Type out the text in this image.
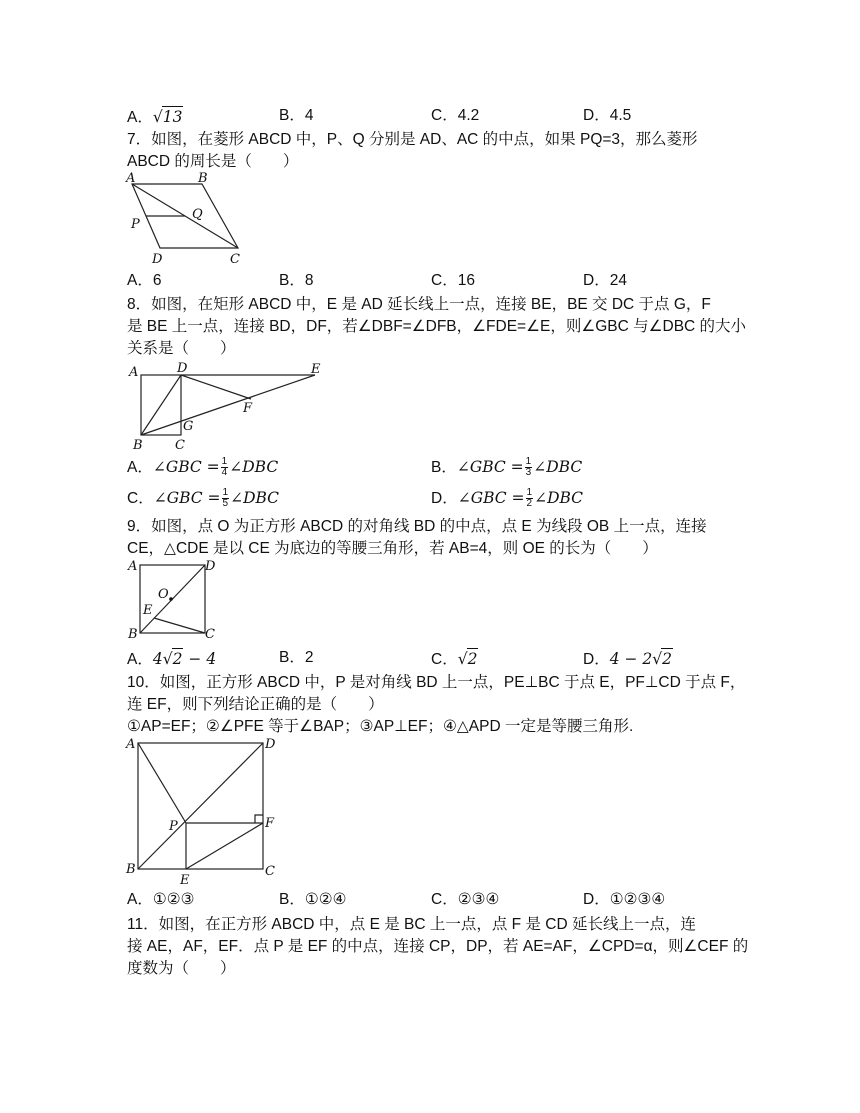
A．√13	B．4	C．4.2	D．4.5
7．如图，在菱形 ABCD 中，P、Q 分别是 AD、AC 的中点，如果 PQ=3，那么菱形
ABCD 的周长是（　　）
A	B
C
D
P
Q
A．6	B．8	C．16	D．24
8．如图，在矩形 ABCD 中，E 是 AD 延长线上一点，连接 BE，BE 交 DC 于点 G，F
是 BE 上一点，连接 BD，DF，若∠DBF=∠DFB，∠FDE=∠E，则∠GBC 与∠DBC 的大小
关系是（　　）
A	D	E
F
G
B C
A．∠GBC = $\frac{1}{4}$ ∠DBC	B．∠GBC = $\frac{1}{3}$ ∠DBC
C．∠GBC = $\frac{1}{5}$ ∠DBC	D．∠GBC = $\frac{1}{2}$ ∠DBC
9．如图，点 O 为正方形 ABCD 的对角线 BD 的中点，点 E 为线段 OB 上一点，连接
CE，△CDE 是以 CE 为底边的等腰三角形，若 AB=4，则 OE 的长为（　　）
A	D
B	C
E
O
A．4√2 − 4	B．2	C．√2	D．4 − 2√2
10．如图，正方形 ABCD 中，P 是对角线 BD 上一点，PE⊥BC 于点 E，PF⊥CD 于点 F，
连 EF，则下列结论正确的是（　　）
①AP=EF；②∠PFE 等于∠BAP；③AP⊥EF；④△APD 一定是等腰三角形.
A	D
B	C
F
P
E
A．①②③	B．①②④	C．②③④	D．①②③④
11．如图，在正方形 ABCD 中，点 E 是 BC 上一点，点 F 是 CD 延长线上一点，连
接 AE，AF，EF．点 P 是 EF 的中点，连接 CP，DP，若 AE=AF，∠CPD=α，则∠CEF 的
度数为（　　）
